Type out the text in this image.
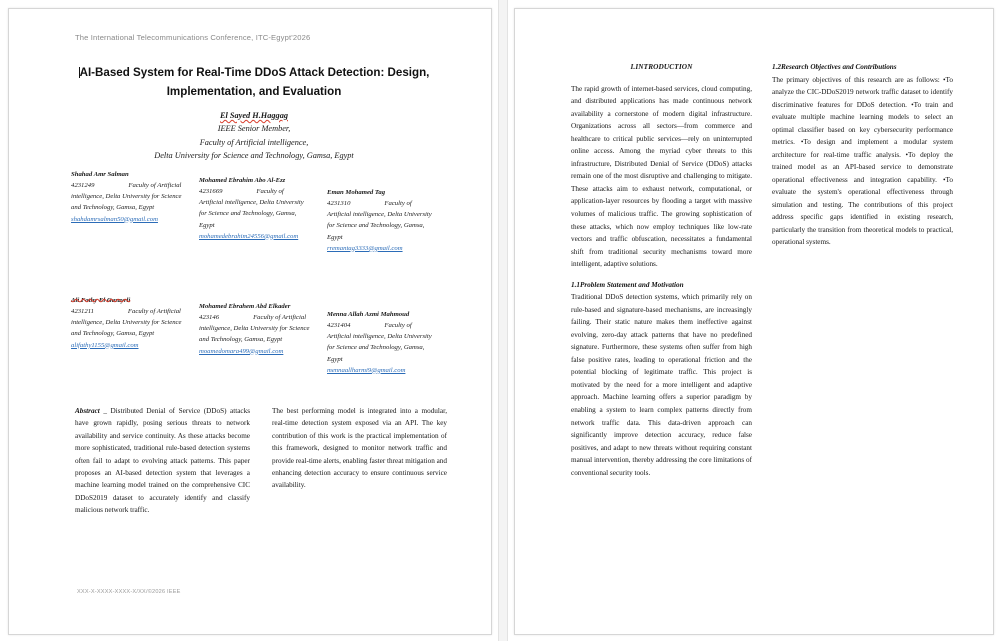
The International Telecommunications Conference, ITC-Egypt'2026
AI-Based System for Real-Time DDoS Attack Detection: Design, Implementation, and Evaluation
El Sayed H.Haggag
IEEE Senior Member,
Faculty of Artificial intelligence,
Delta University for Science and Technology, Gamsa, Egypt
Shahad Amr Salman
4231249	Faculty of Artificial intelligence, Delta University for Science and Technology, Gamsa, Egypt
shahdamrsalman50@gmail.com
Mohamed Ebrahim Abo Al-Ezz
4231669	Faculty of Artificial intelligence, Delta University for Science and Technology, Gamsa, Egypt
mohamedebrahim24556@gmail.com
Eman Mohamed Tag
4231310	Faculty of Artificial intelligence, Delta University for Science and Technology, Gamsa, Egypt
rremantag3333@gmail.com
Ali Fathy El Gazayrli
4231211	Faculty of Artificial intelligence, Delta University for Science and Technology, Gamsa, Egypt
alifathy1155@gmail.com
Mohamed Ebrahem Abd Elkader
423146	Faculty of Artificial intelligence, Delta University for Science and Technology, Gamsa, Egypt
moamedomara499@gmail.com
Menna Allah Azmi Mahmoud
4231404	Faculty of Artificial intelligence, Delta University for Science and Technology, Gamsa, Egypt
mennaallharmi9@gmail.com
Abstract _ Distributed Denial of Service (DDoS) attacks have grown rapidly, posing serious threats to network availability and service continuity. As these attacks become more sophisticated, traditional rule-based detection systems often fail to adapt to evolving attack patterns. This paper proposes an AI-based detection system that leverages a machine learning model trained on the comprehensive CIC DDoS2019 dataset to accurately identify and classify malicious network traffic.
The best performing model is integrated into a modular, real-time detection system exposed via an API. The key contribution of this work is the practical implementation of this framework, designed to monitor network traffic and provide real-time alerts, enabling faster threat mitigation and enhancing detection accuracy to ensure continuous service availability.
XXX-X-XXXX-XXXX-X/XX/©2026 IEEE
I.INTRODUCTION

The rapid growth of internet-based services, cloud computing, and distributed applications has made continuous network availability a cornerstone of modern digital infrastructure. Organizations across all sectors—from commerce and healthcare to critical public services—rely on uninterrupted online access. Among the myriad cyber threats to this infrastructure, Distributed Denial of Service (DDoS) attacks remain one of the most disruptive and challenging to mitigate. These attacks aim to exhaust network, computational, or application-layer resources by flooding a target with massive volumes of malicious traffic. The growing sophistication of these attacks, which now employ techniques like low-rate vectors and traffic obfuscation, necessitates a fundamental shift from traditional security mechanisms toward more intelligent, adaptive solutions.

1.1Problem Statement and Motivation
Traditional DDoS detection systems, which primarily rely on rule-based and signature-based mechanisms, are increasingly failing. Their static nature makes them ineffective against evolving, zero-day attack patterns that have no predefined signature. Furthermore, these systems often suffer from high false positive rates, leading to operational friction and the potential blocking of legitimate traffic. This project is motivated by the need for a more intelligent and adaptive approach. Machine learning offers a superior paradigm by enabling a system to learn complex patterns directly from network traffic data. This data-driven approach can significantly improve detection accuracy, reduce false positives, and adapt to new threats without requiring constant manual intervention, thereby addressing the core limitations of conventional security tools.

1.2Research Objectives and Contributions
The primary objectives of this research are as follows: •To analyze the CIC-DDoS2019 network traffic dataset to identify discriminative features for DDoS detection. •To train and evaluate multiple machine learning models to select an optimal classifier based on key cybersecurity performance metrics. •To design and implement a modular system architecture for real-time traffic analysis. •To deploy the trained model as an API-based service to demonstrate operational effectiveness and integration capability. •To evaluate the system's operational effectiveness through simulation and testing. The contributions of this project address specific gaps identified in existing research, particularly the transition from theoretical models to practical, operational systems.
